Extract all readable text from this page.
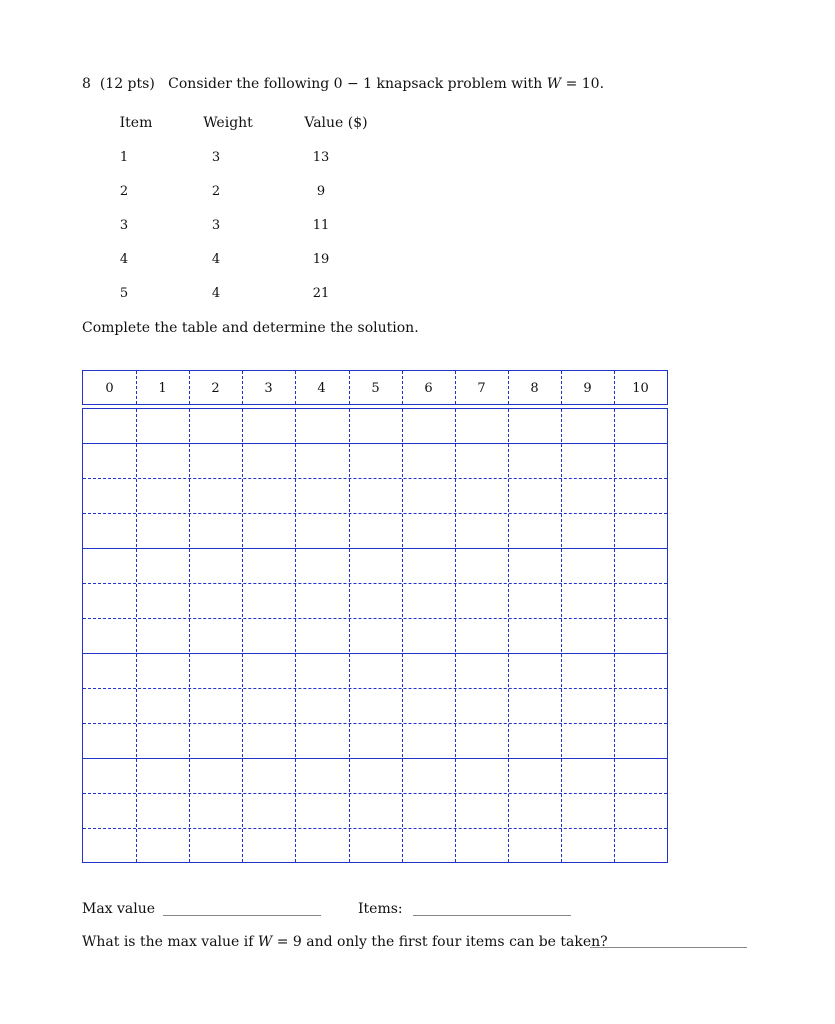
8 (12 pts) Consider the following 0 − 1 knapsack problem with W = 10.
Item	Weight	Value ($)
1	3	13
2	2	9
3	3	11
4	4	19
5	4	21
Complete the table and determine the solution.
0	1	2	3	4	5	6	7	8	9	10
Max value	Items:
What is the max value if W = 9 and only the first four items can be taken?
